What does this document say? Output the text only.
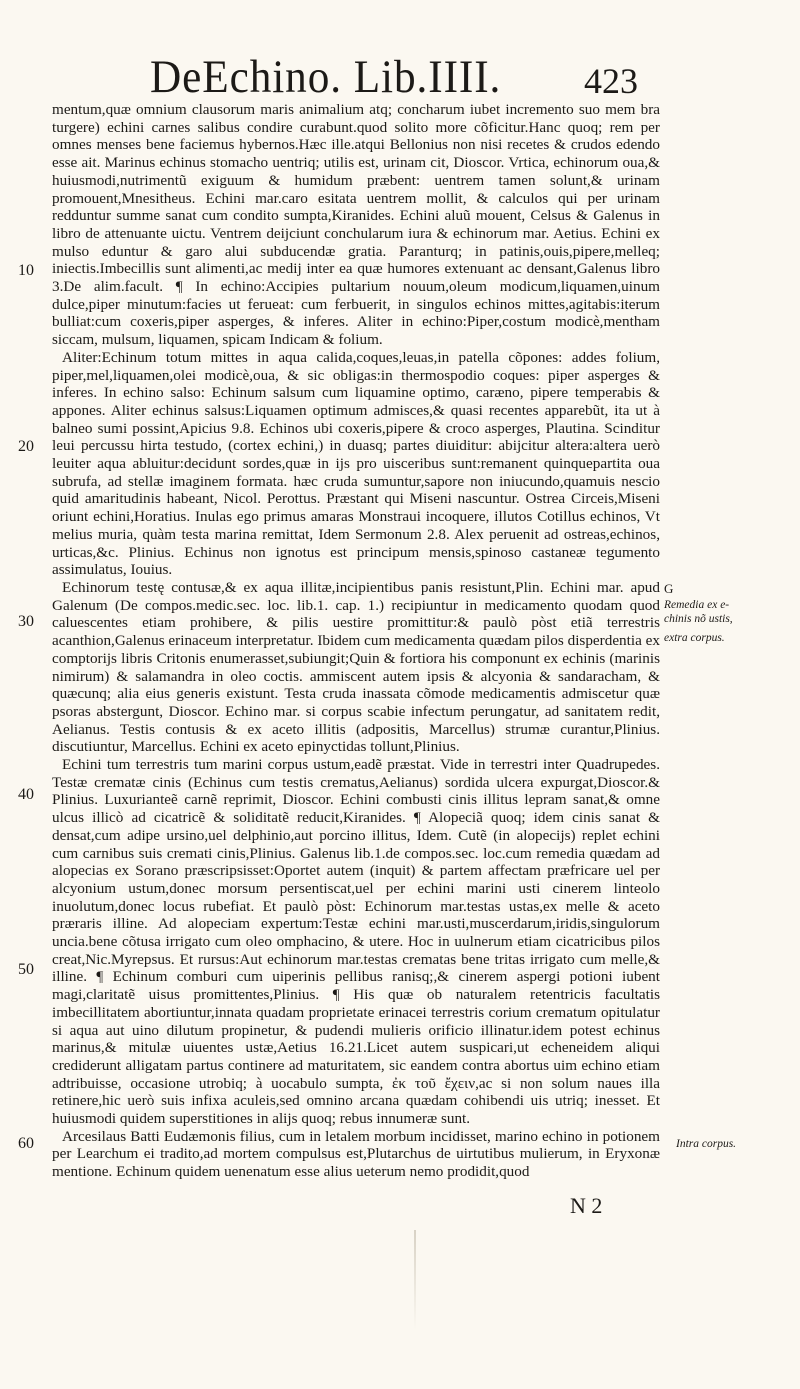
DeEchino. Lib.IIII.	423
10
20
30
40
50
60

mentum,quæ omnium clausorum maris animalium atq; concharum iubet incremento suo mem bra turgere) echini carnes salibus condire curabunt.quod solito more cõficitur.Hanc quoq; rem per omnes menses bene faciemus hybernos.Hæc ille.atqui Bellonius non nisi recetes & crudos edendo esse ait. Marinus echinus stomacho uentriq; utilis est, urinam cit, Dioscor. Vrtica, echinorum oua,& huiusmodi,nutrimentũ exiguum & humidum præbent: uentrem tamen solunt,& urinam promouent,Mnesitheus. Echini mar.caro esitata uentrem mollit, & calculos qui per urinam redduntur summe sanat cum condito sumpta,Kiranides. Echini aluũ mouent, Celsus & Galenus in libro de attenuante uictu. Ventrem deijciunt conchularum iura & echinorum mar. Aetius. Echini ex mulso eduntur & garo alui subducendæ gratia. Paranturq; in patinis,ouis,pipere,melleq; iniectis.Imbecillis sunt alimenti,ac medij inter ea quæ humores extenuant ac densant,Galenus libro 3.De alim.facult. ¶ In echino:Accipies pultarium nouum,oleum modicum,liquamen,uinum dulce,piper minutum:facies ut feruеat: cum ferbuerit, in singulos echinos mittes,agitabis:iterum bulliat:cum coxeris,piper asperges, & inferes. Aliter in echino:Piper,costum modicè,mentham siccam, mulsum, liquamen, spicam Indicam & folium.

Aliter:Echinum totum mittes in aqua calida,coques,leuas,in patella cõpones: addes folium, piper,mel,liquamen,olei modicè,oua, & sic obligas:in thermospodio coques: piper asperges & inferes. In echino salso: Echinum salsum cum liquamine optimo, caræno, pipere temperabis & appones. Aliter echinus salsus:Liquamen optimum admisces,& quasi recentes apparebũt, ita ut à balneo sumi possint,Apicius 9.8. Echinos ubi coxeris,pipere & croco asperges, Plautina. Scinditur leui percussu hirta testudo, (cortex echini,) in duasq; partes diuiditur: abijcitur altera:altera uerò leuiter aqua abluitur:decidunt sordes,quæ in ijs pro uisceribus sunt:remanent quinquepartita oua subrufa, ad stellæ imaginem formata. hæc cruda sumuntur,sapore non iniucundo,quamuis nescio quid amaritudinis habeant, Nicol. Perottus. Præstant qui Miseni nascuntur. Ostrea Circeis,Miseni oriunt echini,Horatius. Inulas ego primus amaras Monstraui incoquere, illutos Cotillus echinos, Vt melius muria, quàm testa marina remittat, Idem Sermonum 2.8. Alex peruenit ad ostreas,echinos, urticas,&c. Plinius. Echinus non ignotus est principum mensis,spinoso castaneæ tegumento assimulatus, Iouius.

Echinorum testę contusæ,& ex aqua illitæ,incipientibus panis resistunt,Plin. Echini mar. apud Galenum (De compos.medic.sec. loc. lib.1. cap. 1.) recipiuntur in medicamento quodam quod caluescentes etiam prohibere, & pilis uestire promittitur:& paulò pòst etiã terrestris acanthion,Galenus erinaceum interpretatur. Ibidem cum medicamenta quædam pilos disperdentia ex comptorijs libris Critonis enumerasset,subiungit;Quin & fortiora his componunt ex echinis (marinis nimirum) & salamandra in oleo coctis. ammiscent autem ipsis & alcyonia & sandaracham, & quæcunq; alia eius generis existunt. Testa cruda inassata cõmode medicamentis admiscetur quæ psoras abstergunt, Dioscor. Echino mar. si corpus scabie infectum perungatur, ad sanitatem redit, Aelianus. Testis contusis & ex aceto illitis (adpositis, Marcellus) strumæ curantur,Plinius. discutiuntur, Marcellus. Echini ex aceto epinyctidas tollunt,Plinius.

Echini tum terrestris tum marini corpus ustum,eadẽ præstat. Vide in terrestri inter Quadrupedes. Testæ crematæ cinis (Echinus cum testis crematus,Aelianus) sordida ulcera expurgat,Dioscor.& Plinius. Luxurianteẽ carnẽ reprimit, Dioscor. Echini combusti cinis illitus lepram sanat,& omne ulcus illicò ad cicatricẽ & soliditatẽ reducit,Kiranides. ¶ Alopeciã quoq; idem cinis sanat & densat,cum adipe ursino,uel delphinio,aut porcino illitus, Idem. Cutẽ (in alopecijs) replet echini cum carnibus suis cremati cinis,Plinius. Galenus lib.1.de compos.sec. loc.cum remedia quædam ad alopecias ex Sorano præscripsisset:Oportet autem (inquit) & partem affectam præfricare uel per alcyonium ustum,donec morsum persentiscat,uel per echini marini usti cinerem linteolo inuolutum,donec locus rubefiat. Et paulò pòst: Echinorum mar.testas ustas,ex melle & aceto præraris illine. Ad alopeciam expertum:Testæ echini mar.usti,muscerdarum,iridis,singulorum uncia.bene cõtusa irrigato cum oleo omphacino, & utere. Hoc in uulnerum etiam cicatricibus pilos creat,Nic.Myrepsus. Et rursus:Aut echinorum mar.testas crematas bene tritas irrigato cum melle,& illine. ¶ Echinum comburi cum uiperinis pellibus ranisq;,& cinerem aspergi potioni iubent magi,claritatẽ uisus promittentes,Plinius. ¶ His quæ ob naturalem retentricis facultatis imbecillitatem abortiuntur,innata quadam proprietate erinacei terrestris corium crematum opitulatur si aqua aut uino dilutum propinetur, & pudendi mulieris orificio illinatur.idem potest echinus marinus,& mitulæ uiuentes ustæ,Aetius 16.21.Licet autem suspicari,ut echeneidem aliqui crediderunt alligatam partus continere ad maturitatem, sic eandem contra abortus uim echino etiam adtribuisse, occasione utrobiq; à uocabulo sumpta, ἐκ τοῦ ἔχειν,ac si non solum naues illa retinere,hic uerò suis infixa aculeis,sed omnino arcana quædam cohibendi uis utriq; inesset. Et huiusmodi quidem superstitiones in alijs quoq; rebus innumeræ sunt.

Arcesilaus Batti Eudæmonis filius, cum in letalem morbum incidisset, marino echino in potionem per Learchum ei tradito,ad mortem compulsus est,Plutarchus de uirtutibus mulierum, in Eryxonæ mentione. Echinum quidem uenenatum esse alius ueterum nemo prodidit,quod

G
Remedia ex e-
chinis nõ ustis,
extra corpus.
Intra corpus.
N 2
